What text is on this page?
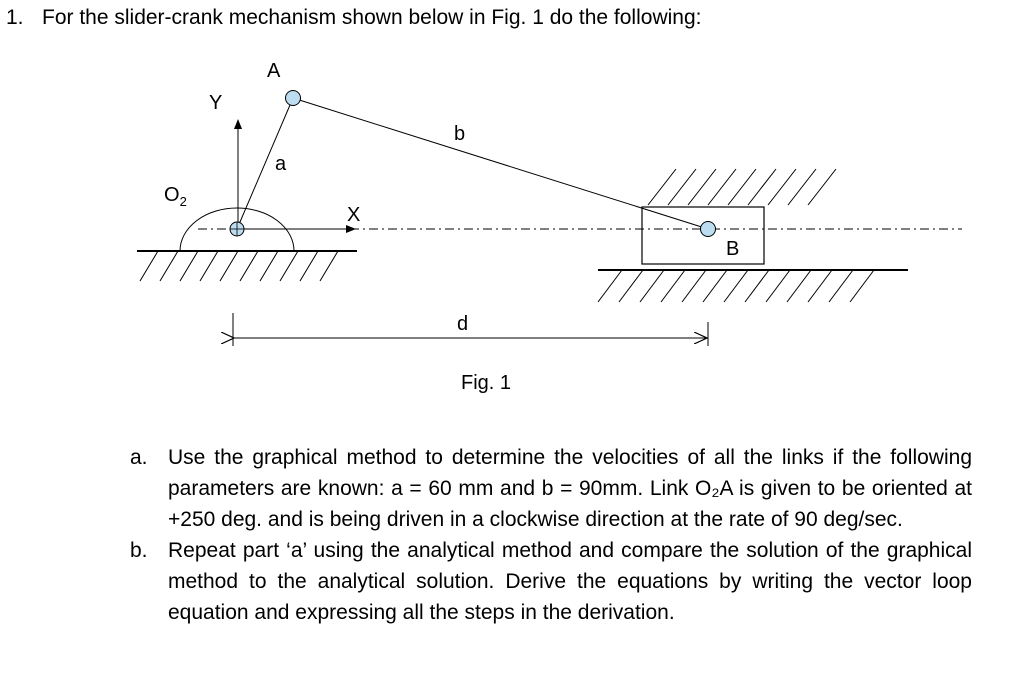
1. For the slider-crank mechanism shown below in Fig. 1 do the following:
A
Y
a
b
$O_2$
X
B
d
Fig. 1
a. Use the graphical method to determine the velocities of all the links if the following parameters are known: a = 60 mm and b = 90mm. Link O₂A is given to be oriented at +250 deg. and is being driven in a clockwise direction at the rate of 90 deg/sec.
b. Repeat part ‘a’ using the analytical method and compare the solution of the graphical method to the analytical solution. Derive the equations by writing the vector loop equation and expressing all the steps in the derivation.
